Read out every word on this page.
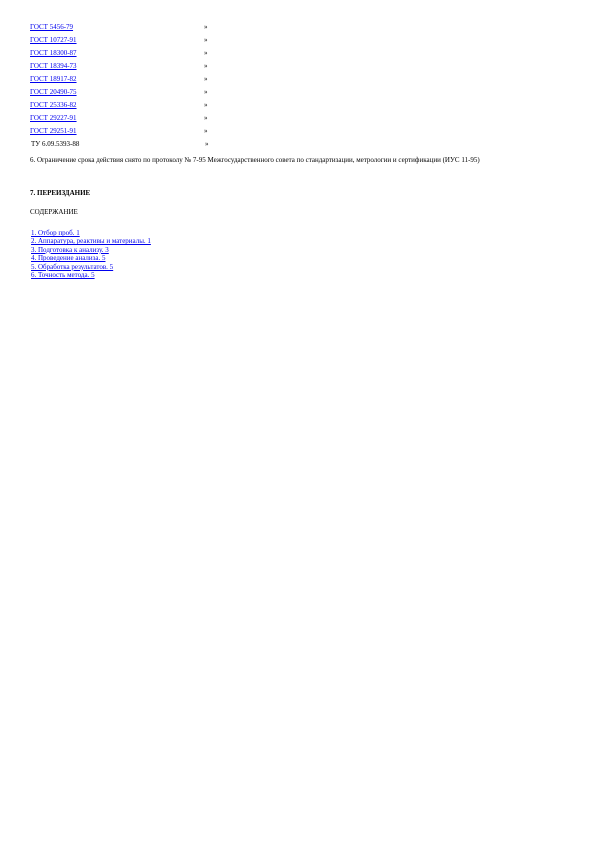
ГОСТ 5456-79	»
ГОСТ 10727-91	»
ГОСТ 18300-87	»
ГОСТ 18394-73	»
ГОСТ 18917-82	»
ГОСТ 20490-75	»
ГОСТ 25336-82	»
ГОСТ 29227-91	»
ГОСТ 29251-91	»
ТУ 6.09.5393-88	»
6. Ограничение срока действия снято по протоколу № 7-95 Межгосударственного совета по стандартизации, метрологии и сертификации (ИУС 11-95)
7. ПЕРЕИЗДАНИЕ
СОДЕРЖАНИЕ
1. Отбор проб. 1
2. Аппаратура, реактивы и материалы. 1
3. Подготовка к анализу. 3
4. Проведение анализа. 5
5. Обработка результатов. 5
6. Точность метода. 5
